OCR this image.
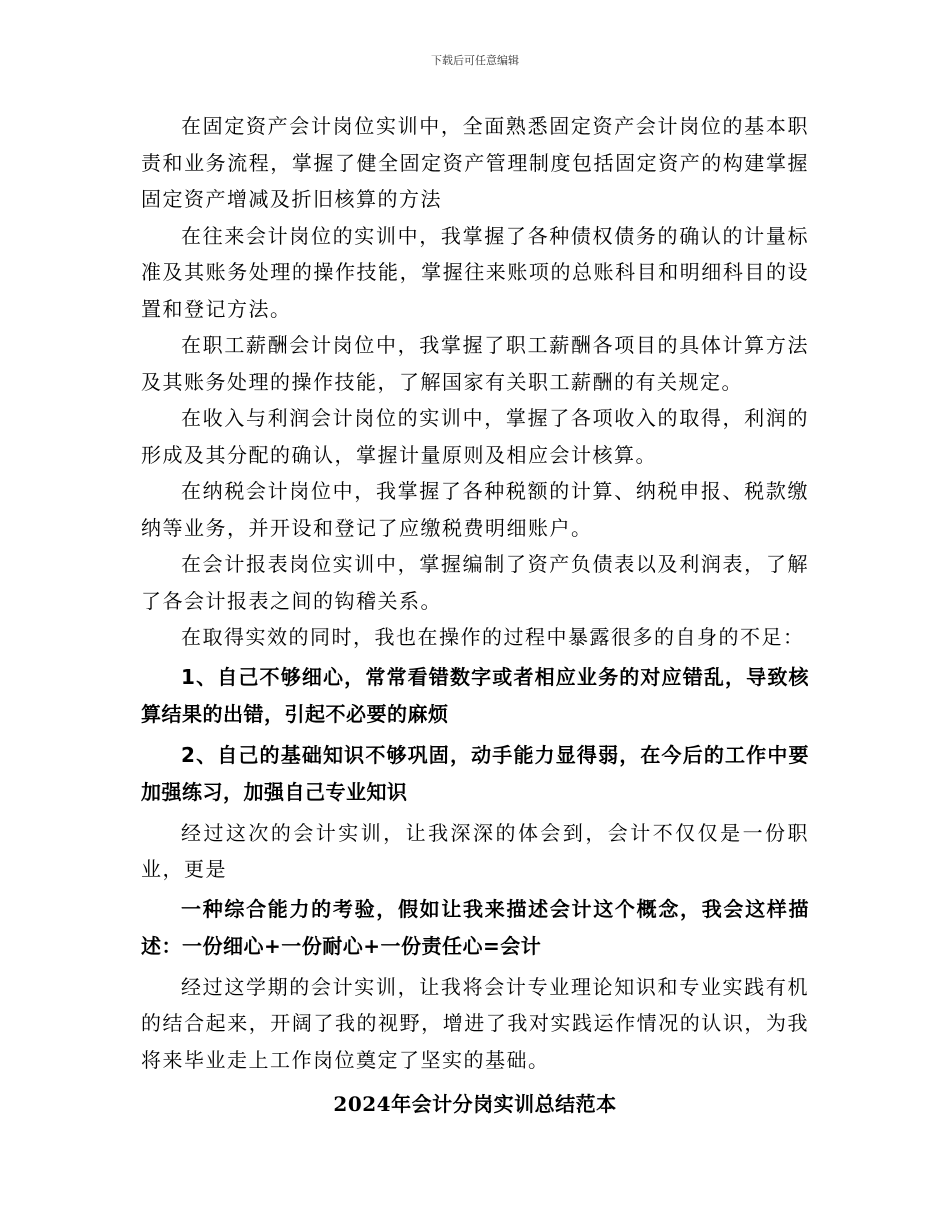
下载后可任意编辑

在固定资产会计岗位实训中，全面熟悉固定资产会计岗位的基本职责和业务流程，掌握了健全固定资产管理制度包括固定资产的构建掌握固定资产增减及折旧核算的方法

在往来会计岗位的实训中，我掌握了各种债权债务的确认的计量标准及其账务处理的操作技能，掌握往来账项的总账科目和明细科目的设置和登记方法。

在职工薪酬会计岗位中，我掌握了职工薪酬各项目的具体计算方法及其账务处理的操作技能，了解国家有关职工薪酬的有关规定。

在收入与利润会计岗位的实训中，掌握了各项收入的取得，利润的形成及其分配的确认，掌握计量原则及相应会计核算。

在纳税会计岗位中，我掌握了各种税额的计算、纳税申报、税款缴纳等业务，并开设和登记了应缴税费明细账户。

在会计报表岗位实训中，掌握编制了资产负债表以及利润表，了解了各会计报表之间的钩稽关系。

在取得实效的同时，我也在操作的过程中暴露很多的自身的不足：

1、自己不够细心，常常看错数字或者相应业务的对应错乱，导致核算结果的出错，引起不必要的麻烦

2、自己的基础知识不够巩固，动手能力显得弱，在今后的工作中要加强练习，加强自己专业知识

经过这次的会计实训，让我深深的体会到，会计不仅仅是一份职业，更是

一种综合能力的考验，假如让我来描述会计这个概念，我会这样描述：一份细心+一份耐心+一份责任心=会计

经过这学期的会计实训，让我将会计专业理论知识和专业实践有机的结合起来，开阔了我的视野，增进了我对实践运作情况的认识，为我将来毕业走上工作岗位奠定了坚实的基础。

2024年会计分岗实训总结范本
